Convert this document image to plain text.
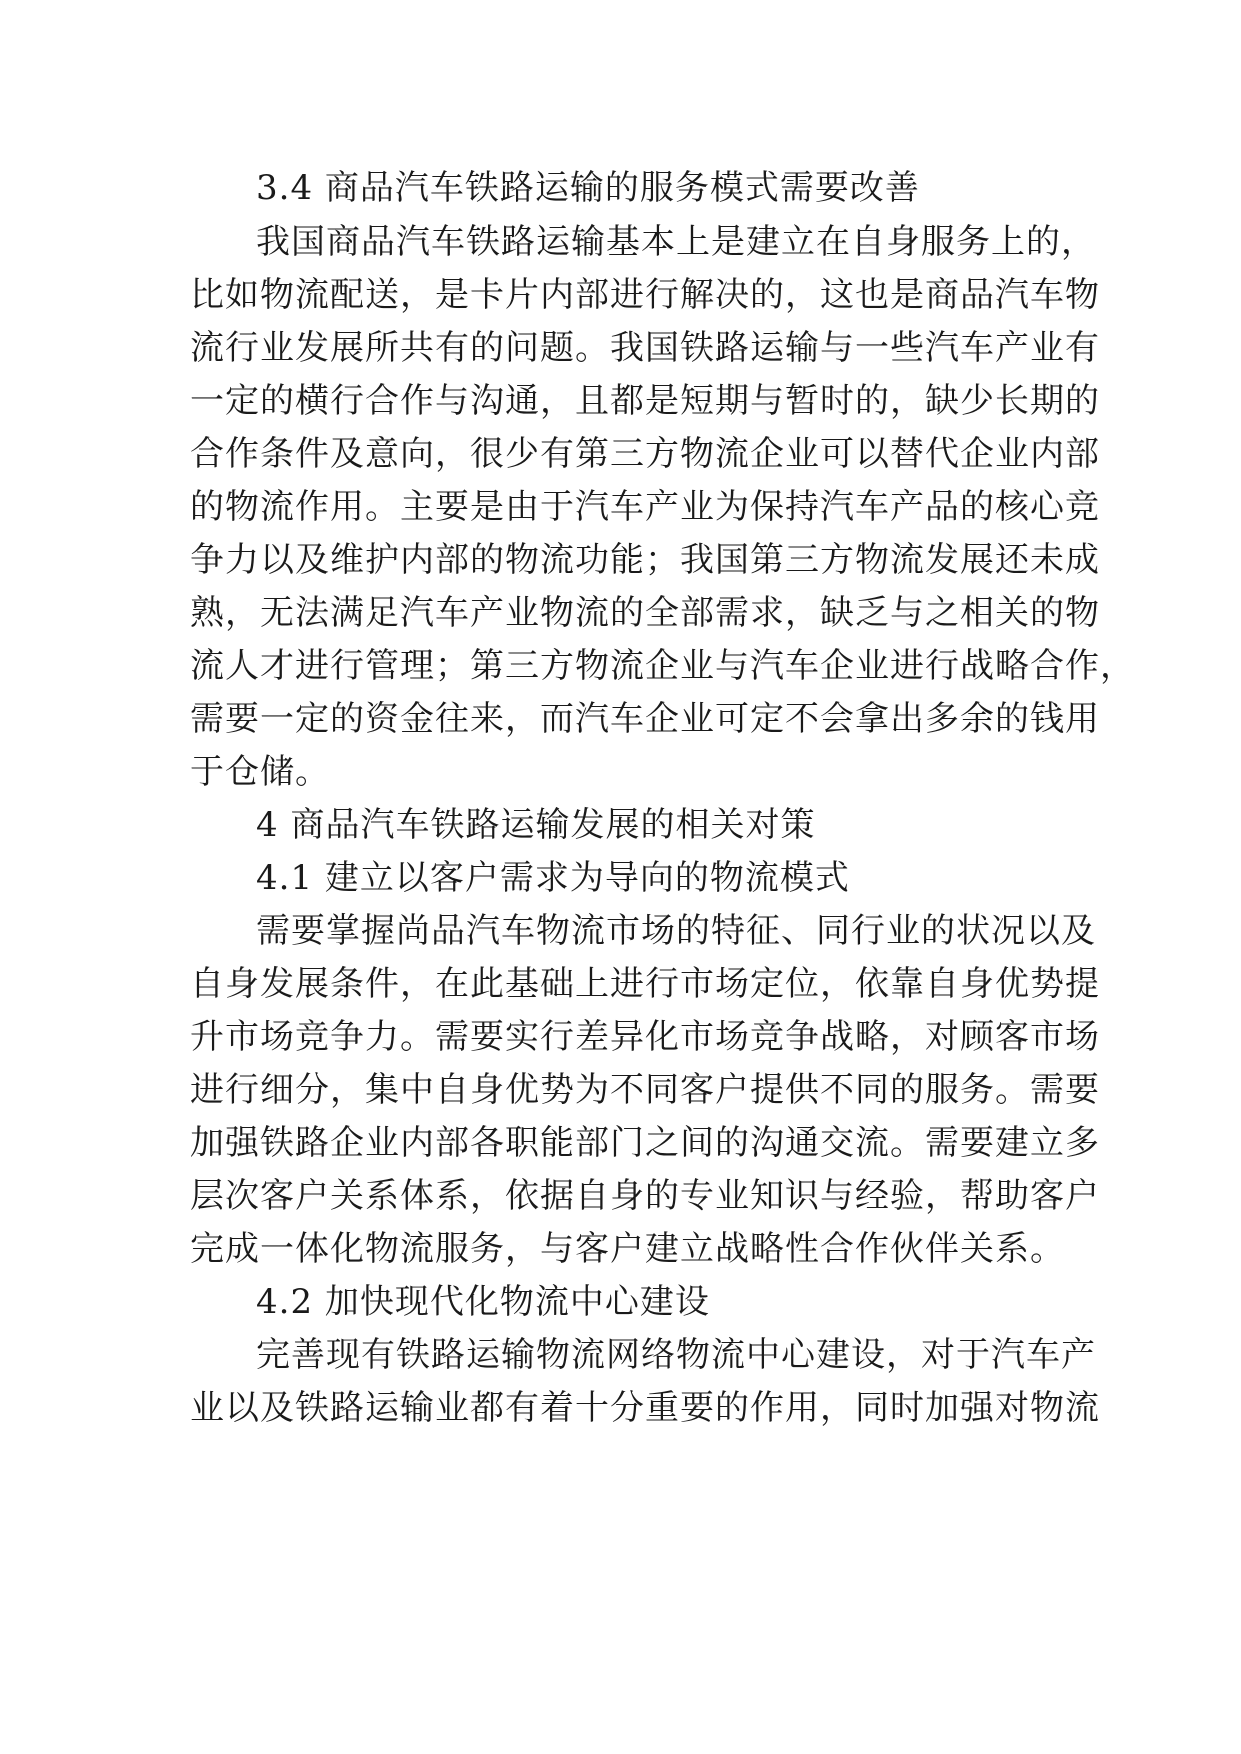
3.4 商品汽车铁路运输的服务模式需要改善
我国商品汽车铁路运输基本上是建立在自身服务上的，
比如物流配送，是卡片内部进行解决的，这也是商品汽车物
流行业发展所共有的问题。我国铁路运输与一些汽车产业有
一定的横行合作与沟通，且都是短期与暂时的，缺少长期的
合作条件及意向，很少有第三方物流企业可以替代企业内部
的物流作用。主要是由于汽车产业为保持汽车产品的核心竞
争力以及维护内部的物流功能；我国第三方物流发展还未成
熟，无法满足汽车产业物流的全部需求，缺乏与之相关的物
流人才进行管理；第三方物流企业与汽车企业进行战略合作，
需要一定的资金往来，而汽车企业可定不会拿出多余的钱用
于仓储。
4 商品汽车铁路运输发展的相关对策
4.1 建立以客户需求为导向的物流模式
需要掌握尚品汽车物流市场的特征、同行业的状况以及
自身发展条件，在此基础上进行市场定位，依靠自身优势提
升市场竞争力。需要实行差异化市场竞争战略，对顾客市场
进行细分，集中自身优势为不同客户提供不同的服务。需要
加强铁路企业内部各职能部门之间的沟通交流。需要建立多
层次客户关系体系，依据自身的专业知识与经验，帮助客户
完成一体化物流服务，与客户建立战略性合作伙伴关系。
4.2 加快现代化物流中心建设
完善现有铁路运输物流网络物流中心建设，对于汽车产
业以及铁路运输业都有着十分重要的作用，同时加强对物流
